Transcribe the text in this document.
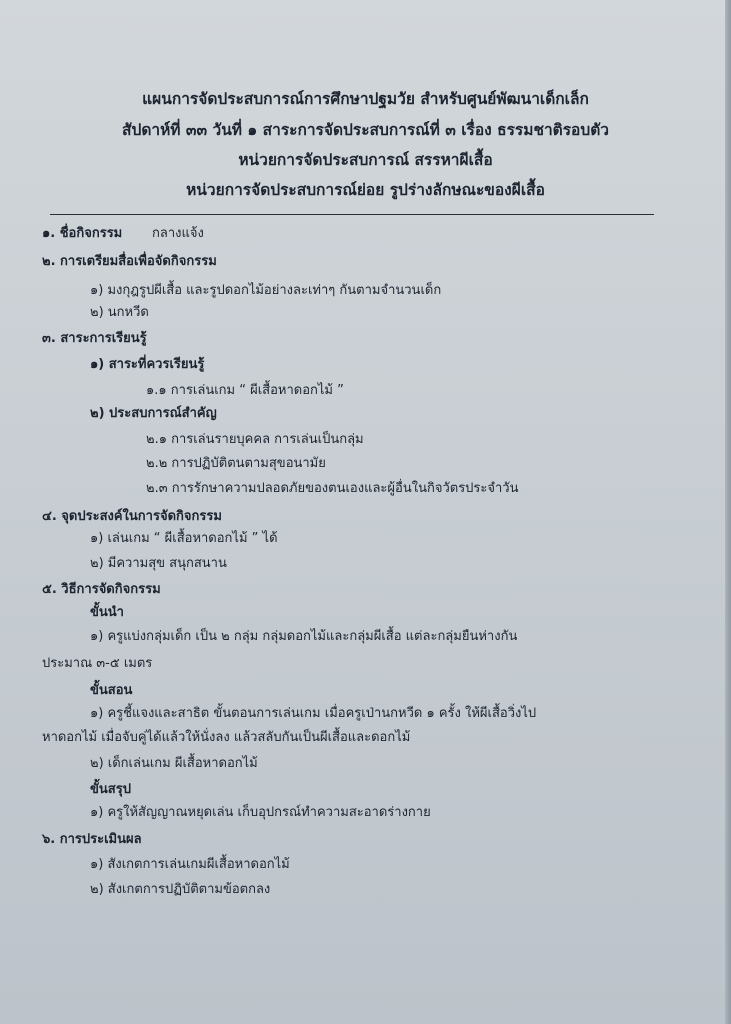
แผนการจัดประสบการณ์การศึกษาปฐมวัย สำหรับศูนย์พัฒนาเด็กเล็ก
สัปดาห์ที่ ๓๓ วันที่ ๑ สาระการจัดประสบการณ์ที่ ๓ เรื่อง ธรรมชาติรอบตัว
หน่วยการจัดประสบการณ์ สรรหาผีเสื้อ
หน่วยการจัดประสบการณ์ย่อย รูปร่างลักษณะของผีเสื้อ
๑. ชื่อกิจกรรม กลางแจ้ง
๒. การเตรียมสื่อเพื่อจัดกิจกรรม
๑) มงกุฎรูปผีเสื้อ และรูปดอกไม้อย่างละเท่าๆ กันตามจำนวนเด็ก
๒) นกหวีด
๓. สาระการเรียนรู้
๑) สาระที่ควรเรียนรู้
๑.๑ การเล่นเกม “ ผีเสื้อหาดอกไม้ ”
๒) ประสบการณ์สำคัญ
๒.๑ การเล่นรายบุคคล การเล่นเป็นกลุ่ม
๒.๒ การปฏิบัติตนตามสุขอนามัย
๒.๓ การรักษาความปลอดภัยของตนเองและผู้อื่นในกิจวัตรประจำวัน
๔. จุดประสงค์ในการจัดกิจกรรม
๑) เล่นเกม “ ผีเสื้อหาดอกไม้ ” ได้
๒) มีความสุข สนุกสนาน
๕. วิธีการจัดกิจกรรม
ขั้นนำ
๑) ครูแบ่งกลุ่มเด็ก เป็น ๒ กลุ่ม กลุ่มดอกไม้และกลุ่มผีเสื้อ แต่ละกลุ่มยืนห่างกัน
ประมาณ ๓-๕ เมตร
ขั้นสอน
๑) ครูชี้แจงและสาธิต ขั้นตอนการเล่นเกม เมื่อครูเป่านกหวีด ๑ ครั้ง ให้ผีเสื้อวิ่งไป
หาดอกไม้ เมื่อจับคู่ได้แล้วให้นั่งลง แล้วสลับกันเป็นผีเสื้อและดอกไม้
๒) เด็กเล่นเกม ผีเสื้อหาดอกไม้
ขั้นสรุป
๑) ครูให้สัญญาณหยุดเล่น เก็บอุปกรณ์ทำความสะอาดร่างกาย
๖. การประเมินผล
๑) สังเกตการเล่นเกมผีเสื้อหาดอกไม้
๒) สังเกตการปฏิบัติตามข้อตกลง
